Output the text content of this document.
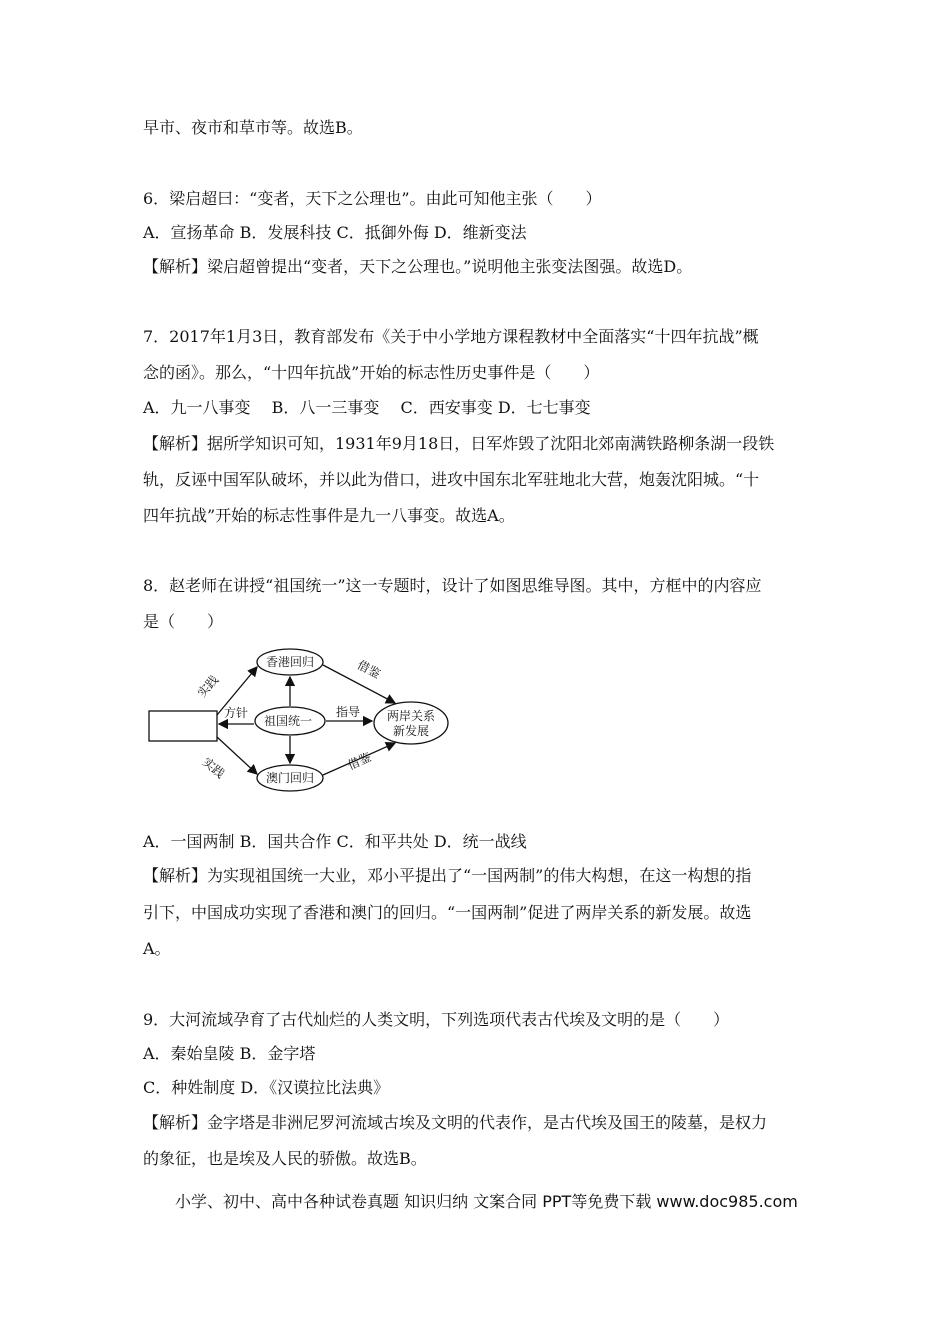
早市、夜市和草市等。故选B。
6．梁启超曰：“变者，天下之公理也”。由此可知他主张（　　）
A．宣扬革命 B．发展科技 C．抵御外侮 D．维新变法
【解析】梁启超曾提出“变者，天下之公理也。”说明他主张变法图强。故选D。
7．2017年1月3日，教育部发布《关于中小学地方课程教材中全面落实“十四年抗战”概
念的函》。那么，“十四年抗战”开始的标志性历史事件是（　　）
A．九一八事变　 B．八一三事变　 C．西安事变 D．七七事变
【解析】据所学知识可知，1931年9月18日，日军炸毁了沈阳北郊南满铁路柳条湖一段铁
轨，反诬中国军队破坏，并以此为借口，进攻中国东北军驻地北大营，炮轰沈阳城。“十
四年抗战”开始的标志性事件是九一八事变。故选A。
8．赵老师在讲授“祖国统一”这一专题时，设计了如图思维导图。其中，方框中的内容应
是（　　）
香港回归
祖国统一
澳门回归
两岸关系
新发展
实践
实践
方针	指导
借鉴
借鉴
A．一国两制 B．国共合作 C．和平共处 D．统一战线
【解析】为实现祖国统一大业，邓小平提出了“一国两制”的伟大构想，在这一构想的指
引下，中国成功实现了香港和澳门的回归。“一国两制”促进了两岸关系的新发展。故选
A。
9．大河流域孕育了古代灿烂的人类文明，下列选项代表古代埃及文明的是（　　）
A．秦始皇陵 B．金字塔
C．种姓制度 D．《汉谟拉比法典》
【解析】金字塔是非洲尼罗河流域古埃及文明的代表作，是古代埃及国王的陵墓，是权力
的象征，也是埃及人民的骄傲。故选B。
小学、初中、高中各种试卷真题 知识归纳 文案合同 PPT等免费下载 www.doc985.com
